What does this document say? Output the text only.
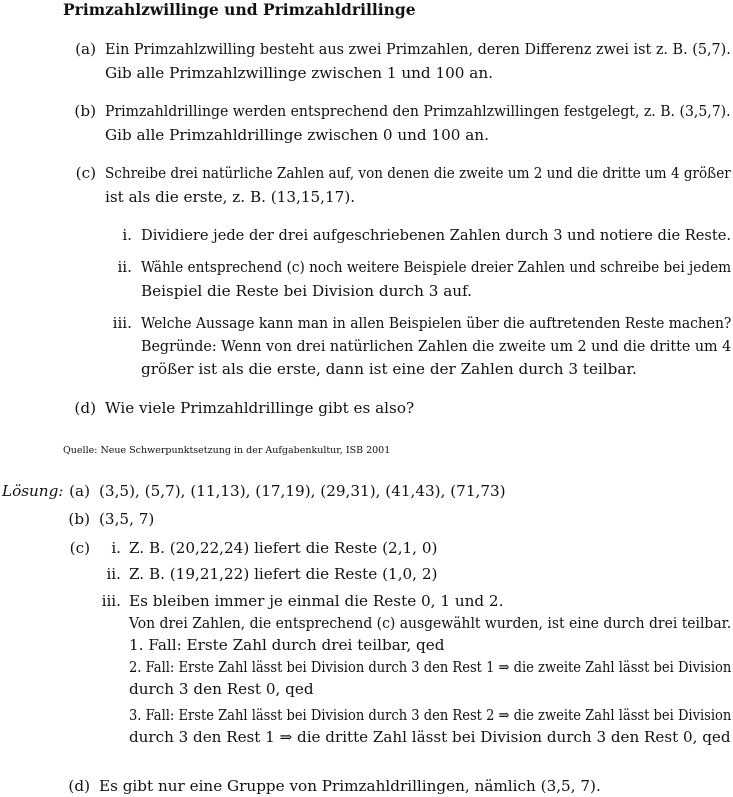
Primzahlzwillinge und Primzahldrillinge
(a) Ein Primzahlzwilling besteht aus zwei Primzahlen, deren Differenz zwei ist z. B. (5,7).
Gib alle Primzahlzwillinge zwischen 1 und 100 an.
(b) Primzahldrillinge werden entsprechend den Primzahlzwillingen festgelegt, z. B. (3,5,7).
Gib alle Primzahldrillinge zwischen 0 und 100 an.
(c) Schreibe drei natürliche Zahlen auf, von denen die zweite um 2 und die dritte um 4 größer
ist als die erste, z. B. (13,15,17).
i. Dividiere jede der drei aufgeschriebenen Zahlen durch 3 und notiere die Reste.
ii. Wähle entsprechend (c) noch weitere Beispiele dreier Zahlen und schreibe bei jedem
Beispiel die Reste bei Division durch 3 auf.
iii. Welche Aussage kann man in allen Beispielen über die auftretenden Reste machen?
Begründe: Wenn von drei natürlichen Zahlen die zweite um 2 und die dritte um 4
größer ist als die erste, dann ist eine der Zahlen durch 3 teilbar.
(d) Wie viele Primzahldrillinge gibt es also?
Quelle: Neue Schwerpunktsetzung in der Aufgabenkultur, ISB 2001
Lösung: (a) (3,5), (5,7), (11,13), (17,19), (29,31), (41,43), (71,73)
(b) (3,5, 7)
(c)	i. Z. B. (20,22,24) liefert die Reste (2,1, 0)
ii. Z. B. (19,21,22) liefert die Reste (1,0, 2)
iii. Es bleiben immer je einmal die Reste 0, 1 und 2.
Von drei Zahlen, die entsprechend (c) ausgewählt wurden, ist eine durch drei teilbar.
1. Fall: Erste Zahl durch drei teilbar, qed
2. Fall: Erste Zahl lässt bei Division durch 3 den Rest 1 ⇒ die zweite Zahl lässt bei Division
durch 3 den Rest 0, qed
3. Fall: Erste Zahl lässt bei Division durch 3 den Rest 2 ⇒ die zweite Zahl lässt bei Division
durch 3 den Rest 1 ⇒ die dritte Zahl lässt bei Division durch 3 den Rest 0, qed
(d) Es gibt nur eine Gruppe von Primzahldrillingen, nämlich (3,5, 7).
